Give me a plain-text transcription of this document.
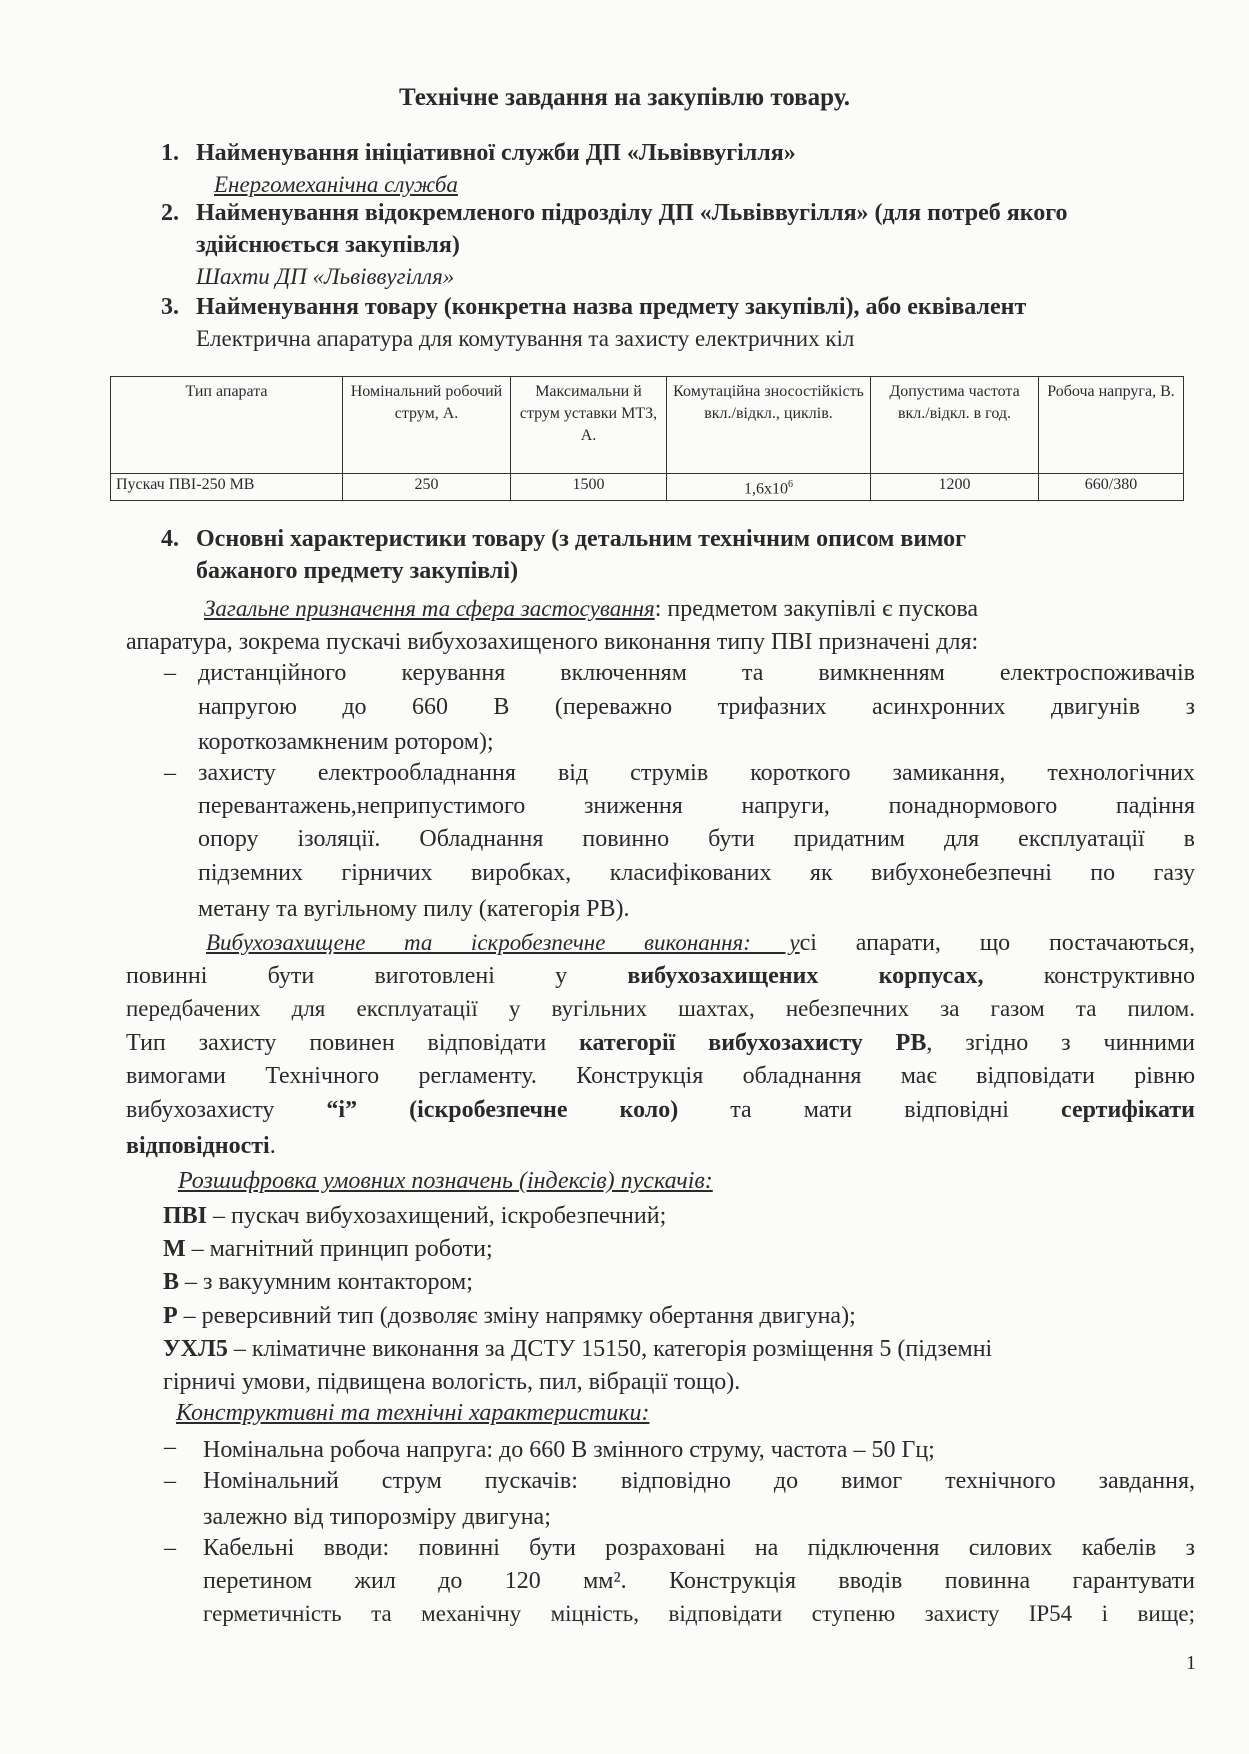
Технічне завдання на закупівлю товару.
1. Найменування ініціативної служби ДП «Львіввугілля»
Енергомеханічна служба
2. Найменування відокремленого підрозділу ДП «Львіввугілля» (для потреб якого
здійснюється закупівля)
Шахти ДП «Львіввугілля»
3. Найменування товару (конкретна назва предмету закупівлі), або еквівалент
Електрична апаратура для комутування та захисту електричних кіл
Тип апарата	Номінальний робочий струм, А.	Максимальни й струм уставки МТЗ, А.	Комутаційна зносостійкість вкл./відкл., циклів.	Допустима частота вкл./відкл. в год.	Робоча напруга, В.
Пускач ПВІ-250 МВ	250	1500	$1,6х10^6$	1200	660/380
4. Основні характеристики товару (з детальним технічним описом вимог
бажаного предмету закупівлі)
Загальне призначення та сфера застосування: предметом закупівлі є пускова
апаратура, зокрема пускачі вибухозахищеного виконання типу ПВІ призначені для:
– дистанційного керування включенням та вимкненням електроспоживачів
напругою до 660 В (переважно трифазних асинхронних двигунів з
короткозамкненим ротором);
– захисту електрообладнання від струмів короткого замикання, технологічних
перевантажень,неприпустимого зниження напруги, понаднормового падіння
опору ізоляції. Обладнання повинно бути придатним для експлуатації в
підземних гірничих виробках, класифікованих як вибухонебезпечні по газу
метану та вугільному пилу (категорія РВ).
Вибухозахищене та іскробезпечне виконання: усі апарати, що постачаються,
повинні бути виготовлені у вибухозахищених корпусах, конструктивно
передбачених для експлуатації у вугільних шахтах, небезпечних за газом та пилом.
Тип захисту повинен відповідати категорії вибухозахисту РВ, згідно з чинними
вимогами Технічного регламенту. Конструкція обладнання має відповідати рівню
вибухозахисту “і” (іскробезпечне коло) та мати відповідні сертифікати
відповідності.
Розшифровка умовних позначень (індексів) пускачів:
ПВІ – пускач вибухозахищений, іскробезпечний;
М – магнітний принцип роботи;
В – з вакуумним контактором;
Р – реверсивний тип (дозволяє зміну напрямку обертання двигуна);
УХЛ5 – кліматичне виконання за ДСТУ 15150, категорія розміщення 5 (підземні
гірничі умови, підвищена вологість, пил, вібрації тощо).
Конструктивні та технічні характеристики:
– Номінальна робоча напруга: до 660 В змінного струму, частота – 50 Гц;
– Номінальний струм пускачів: відповідно до вимог технічного завдання,
залежно від типорозміру двигуна;
– Кабельні вводи: повинні бути розраховані на підключення силових кабелів з
перетином жил до 120 мм². Конструкція вводів повинна гарантувати
герметичність та механічну міцність, відповідати ступеню захисту IP54 і вище;
1
